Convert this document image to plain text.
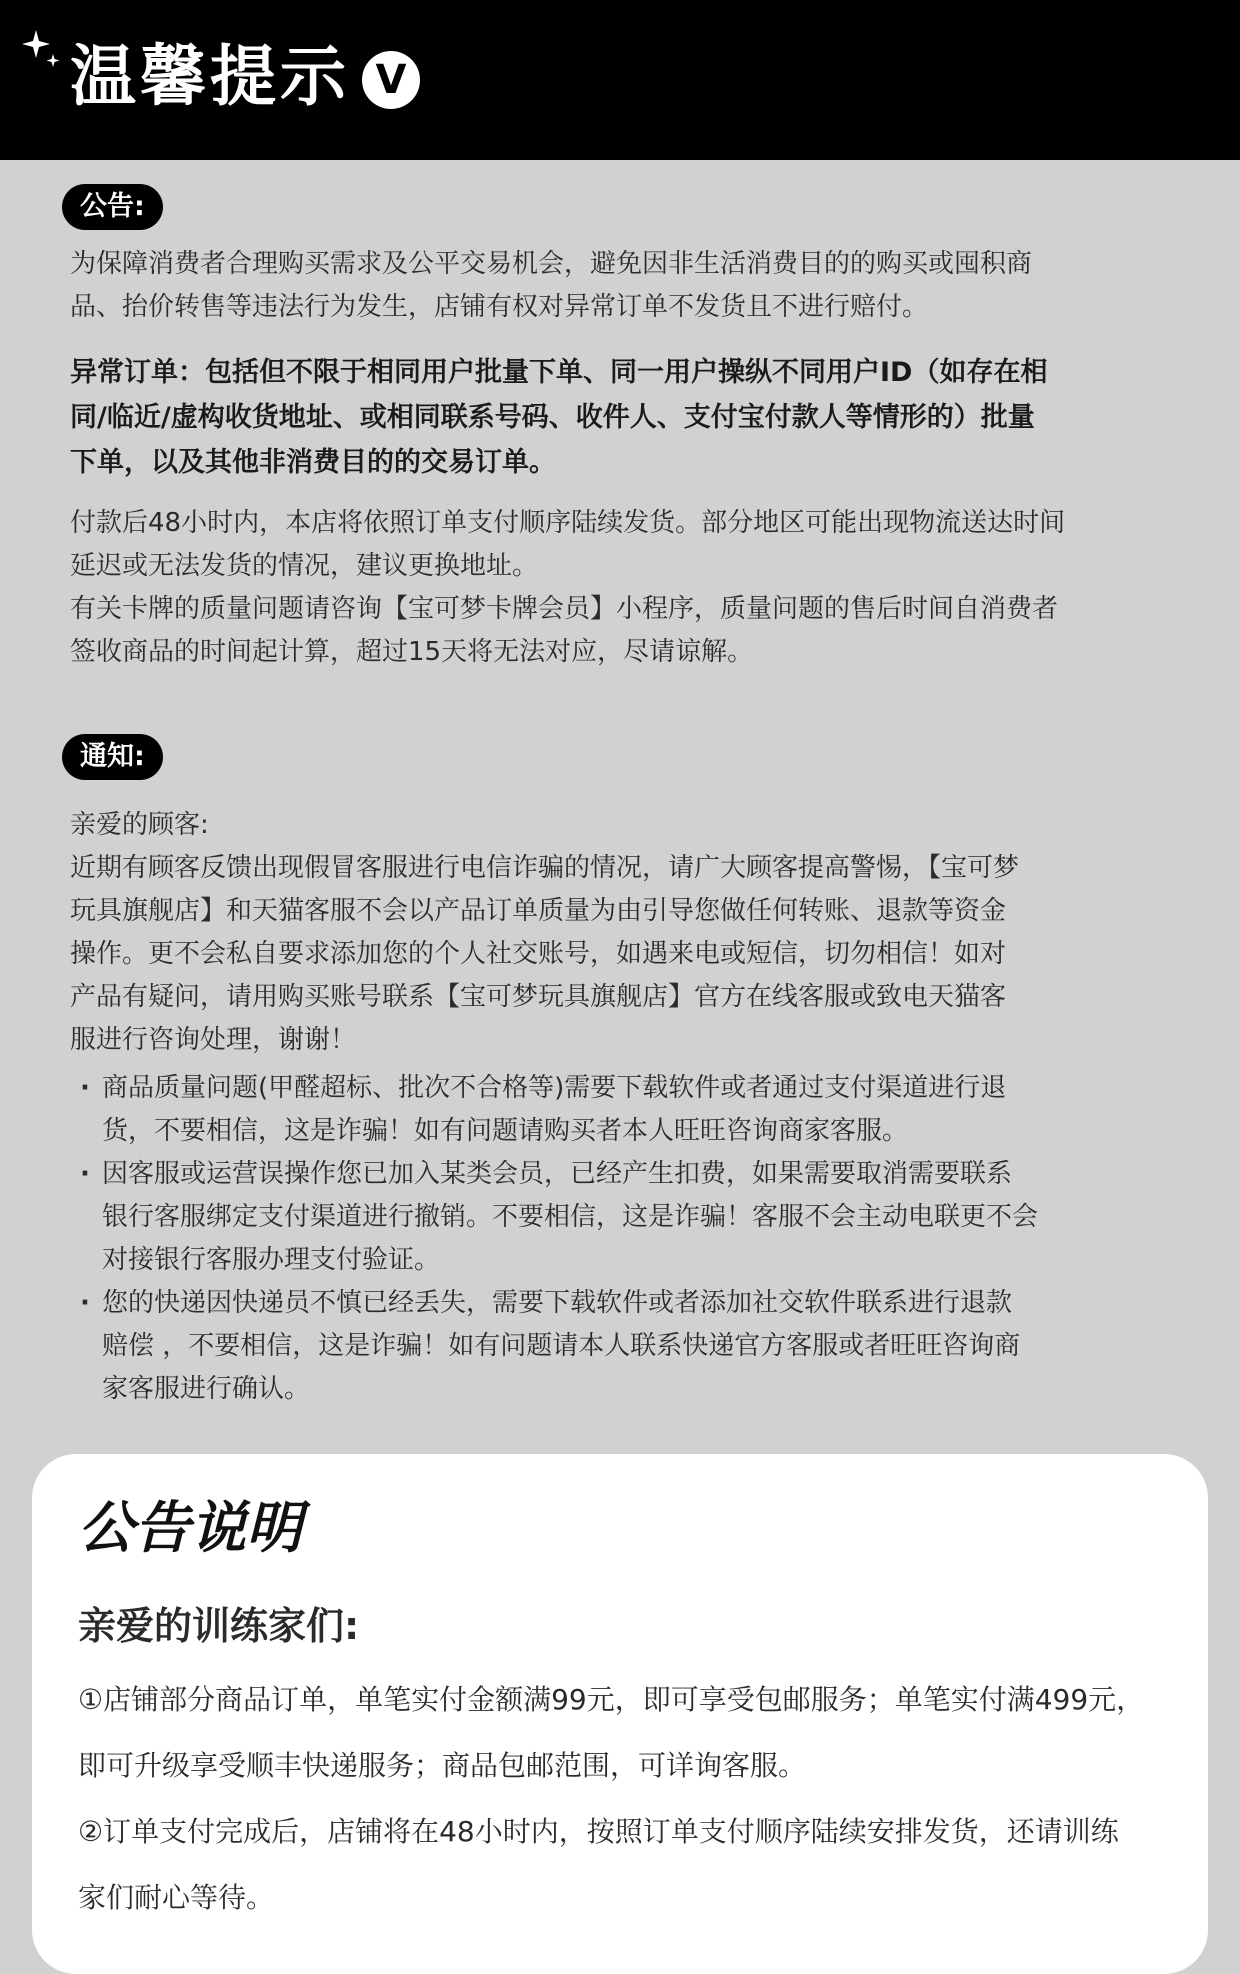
温馨提示 V
公告:

为保障消费者合理购买需求及公平交易机会，避免因非生活消费目的的购买或囤积商

品、抬价转售等违法行为发生，店铺有权对异常订单不发货且不进行赔付。

异常订单：包括但不限于相同用户批量下单、同一用户操纵不同用户ID（如存在相

同/临近/虚构收货地址、或相同联系号码、收件人、支付宝付款人等情形的）批量

下单，以及其他非消费目的的交易订单。

付款后48小时内，本店将依照订单支付顺序陆续发货。部分地区可能出现物流送达时间

延迟或无法发货的情况，建议更换地址。

有关卡牌的质量问题请咨询【宝可梦卡牌会员】小程序，质量问题的售后时间自消费者

签收商品的时间起计算，超过15天将无法对应，尽请谅解。

通知:

亲爱的顾客:

近期有顾客反馈出现假冒客服进行电信诈骗的情况，请广大顾客提高警惕，【宝可梦

玩具旗舰店】和天猫客服不会以产品订单质量为由引导您做任何转账、退款等资金

操作。更不会私自要求添加您的个人社交账号，如遇来电或短信，切勿相信！如对

产品有疑问，请用购买账号联系【宝可梦玩具旗舰店】官方在线客服或致电天猫客

服进行咨询处理，谢谢！

· 商品质量问题(甲醛超标、批次不合格等)需要下载软件或者通过支付渠道进行退
货，不要相信，这是诈骗！如有问题请购买者本人旺旺咨询商家客服。
· 因客服或运营误操作您已加入某类会员，已经产生扣费，如果需要取消需要联系
银行客服绑定支付渠道进行撤销。不要相信，这是诈骗！客服不会主动电联更不会
对接银行客服办理支付验证。
· 您的快递因快递员不慎已经丢失，需要下载软件或者添加社交软件联系进行退款
赔偿 ，不要相信，这是诈骗！如有问题请本人联系快递官方客服或者旺旺咨询商
家客服进行确认。
公告说明
亲爱的训练家们:

①店铺部分商品订单，单笔实付金额满99元，即可享受包邮服务；单笔实付满499元，

即可升级享受顺丰快递服务；商品包邮范围，可详询客服。

②订单支付完成后，店铺将在48小时内，按照订单支付顺序陆续安排发货，还请训练

家们耐心等待。
